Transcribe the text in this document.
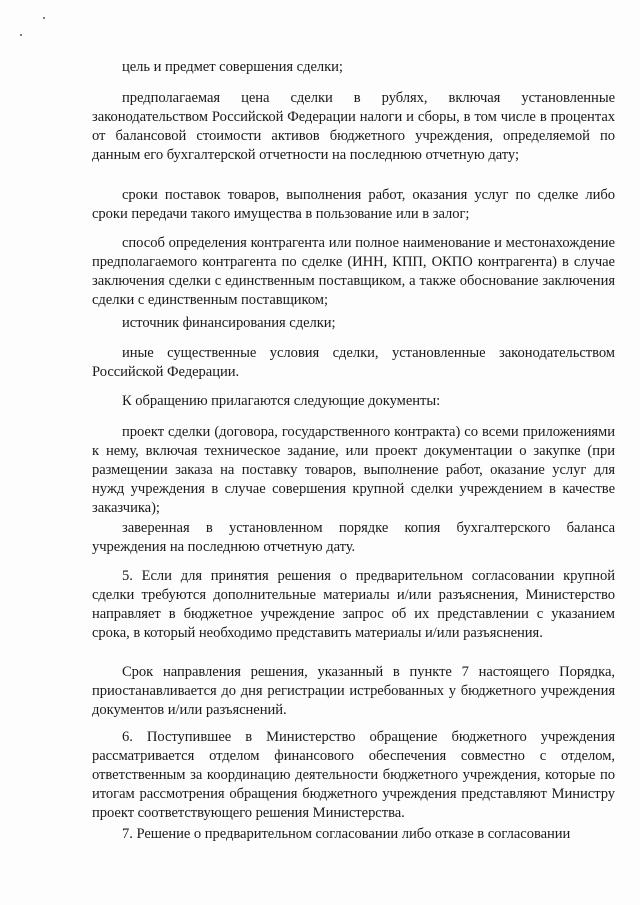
цель и предмет совершения сделки;

предполагаемая цена сделки в рублях, включая установленные законодательством Российской Федерации налоги и сборы, в том числе в процентах от балансовой стоимости активов бюджетного учреждения, определяемой по данным его бухгалтерской отчетности на последнюю отчетную дату;

сроки поставок товаров, выполнения работ, оказания услуг по сделке либо сроки передачи такого имущества в пользование или в залог;

способ определения контрагента или полное наименование и местонахождение предполагаемого контрагента по сделке (ИНН, КПП, ОКПО контрагента) в случае заключения сделки с единственным поставщиком, а также обоснование заключения сделки с единственным поставщиком;

источник финансирования сделки;

иные существенные условия сделки, установленные законодательством Российской Федерации.

К обращению прилагаются следующие документы:

проект сделки (договора, государственного контракта) со всеми приложениями к нему, включая техническое задание, или проект документации о закупке (при размещении заказа на поставку товаров, выполнение работ, оказание услуг для нужд учреждения в случае совершения крупной сделки учреждением в качестве заказчика);

заверенная в установленном порядке копия бухгалтерского баланса учреждения на последнюю отчетную дату.

5. Если для принятия решения о предварительном согласовании крупной сделки требуются дополнительные материалы и/или разъяснения, Министерство направляет в бюджетное учреждение запрос об их представлении с указанием срока, в который необходимо представить материалы и/или разъяснения.

Срок направления решения, указанный в пункте 7 настоящего Порядка, приостанавливается до дня регистрации истребованных у бюджетного учреждения документов и/или разъяснений.

6. Поступившее в Министерство обращение бюджетного учреждения рассматривается отделом финансового обеспечения совместно с отделом, ответственным за координацию деятельности бюджетного учреждения, которые по итогам рассмотрения обращения бюджетного учреждения представляют Министру проект соответствующего решения Министерства.

7. Решение о предварительном согласовании либо отказе в согласовании
